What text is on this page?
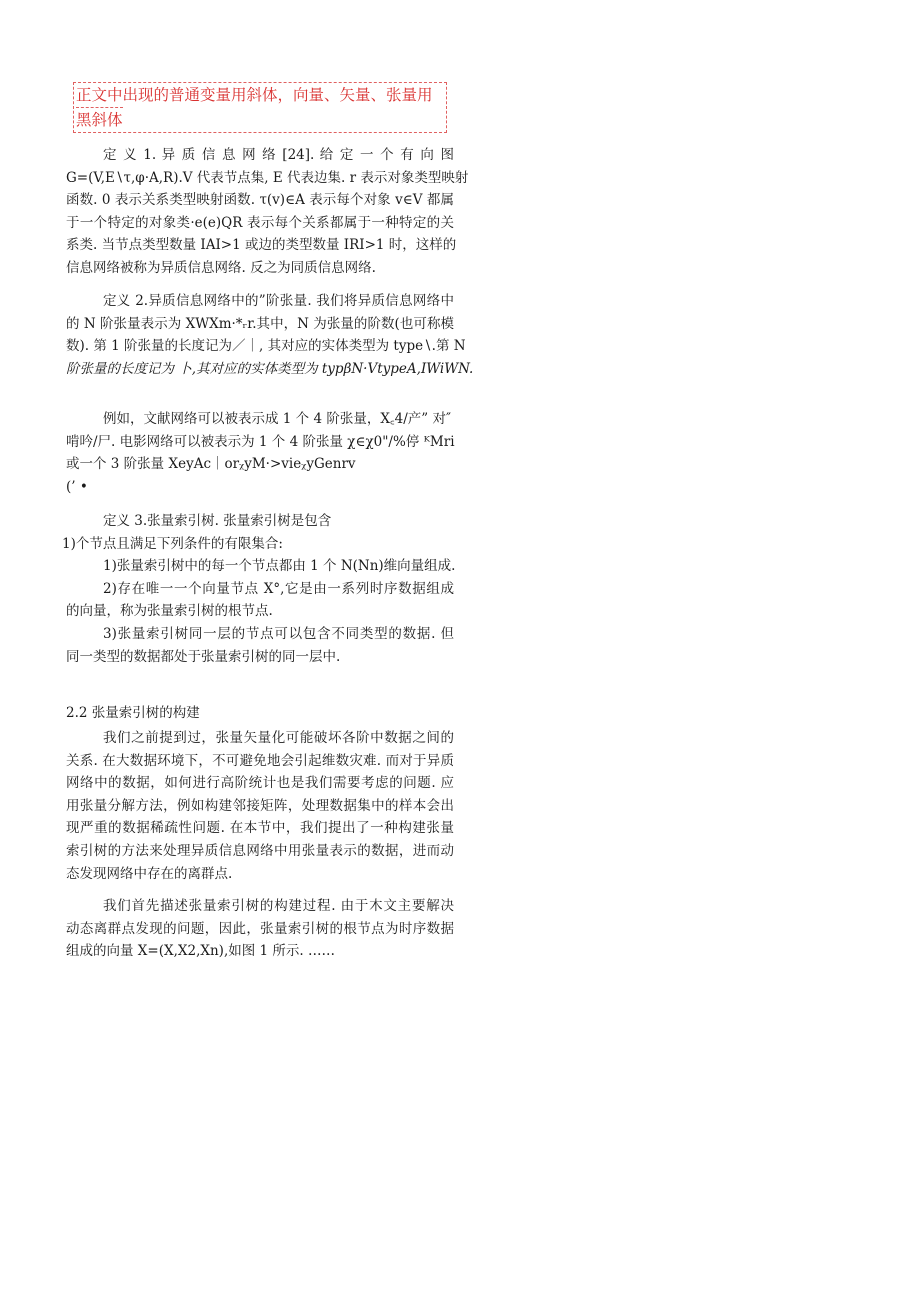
正文中出现的普通变量用斜体，向量、矢量、张量用
黑斜体
定 义 1. 异 质 信 息 网 络 [24]. 给 定 一 个 有 向 图
G=(V,E∖τ,φ·A,R).V 代表节点集, E 代表边集. r 表示对象类型映射
函数. 0 表示关系类型映射函数. τ(v)∈A 表示每个对象 v∈V 都属
于一个特定的对象类·e(e)QR 表示每个关系都属于一种特定的关
系类. 当节点类型数量 IAI>1 或边的类型数量 IRI>1 时，这样的
信息网络被称为异质信息网络. 反之为同质信息网络.
定义 2.异质信息网络中的”阶张量. 我们将异质信息网络中
的 N 阶张量表示为 XWXm·*ᵣr.其中，N 为张量的阶数(也可称模
数). 第 1 阶张量的长度记为／｜, 其对应的实体类型为 type∖.第 N
阶张量的长度记为 卜,其对应的实体类型为 typβN·VtypeA,IWiWN.
例如，文献网络可以被表示成 1 个 4 阶张量，X꜀4/产” 对″
啃吟/尸. 电影网络可以被表示为 1 个 4 阶张量 χ∈χ0"/%停 ᴷMri
或一个 3 阶张量 XeyAc｜orᵪyM·>vieᵪyGenrv
(’ •
定义 3.张量索引树. 张量索引树是包含
1)个节点且满足下列条件的有限集合:
1)张量索引树中的每一个节点都由 1 个 N(Nn)维向量组成.
2)存在唯一一个向量节点 X°,它是由一系列时序数据组成
的向量，称为张量索引树的根节点.
3)张量索引树同一层的节点可以包含不同类型的数据. 但
同一类型的数据都处于张量索引树的同一层中.
2.2 张量索引树的构建
我们之前提到过，张量矢量化可能破坏各阶中数据之间的
关系. 在大数据环境下，不可避免地会引起维数灾难. 而对于异质
网络中的数据，如何进行高阶统计也是我们需要考虑的问题. 应
用张量分解方法，例如构建邻接矩阵，处理数据集中的样本会出
现严重的数据稀疏性问题. 在本节中，我们提出了一种构建张量
索引树的方法来处理异质信息网络中用张量表示的数据，进而动
态发现网络中存在的离群点.
我们首先描述张量索引树的构建过程. 由于木文主要解决
动态离群点发现的问题，因此，张量索引树的根节点为时序数据
组成的向量 X=(X,X2,Xn),如图 1 所示. ……
